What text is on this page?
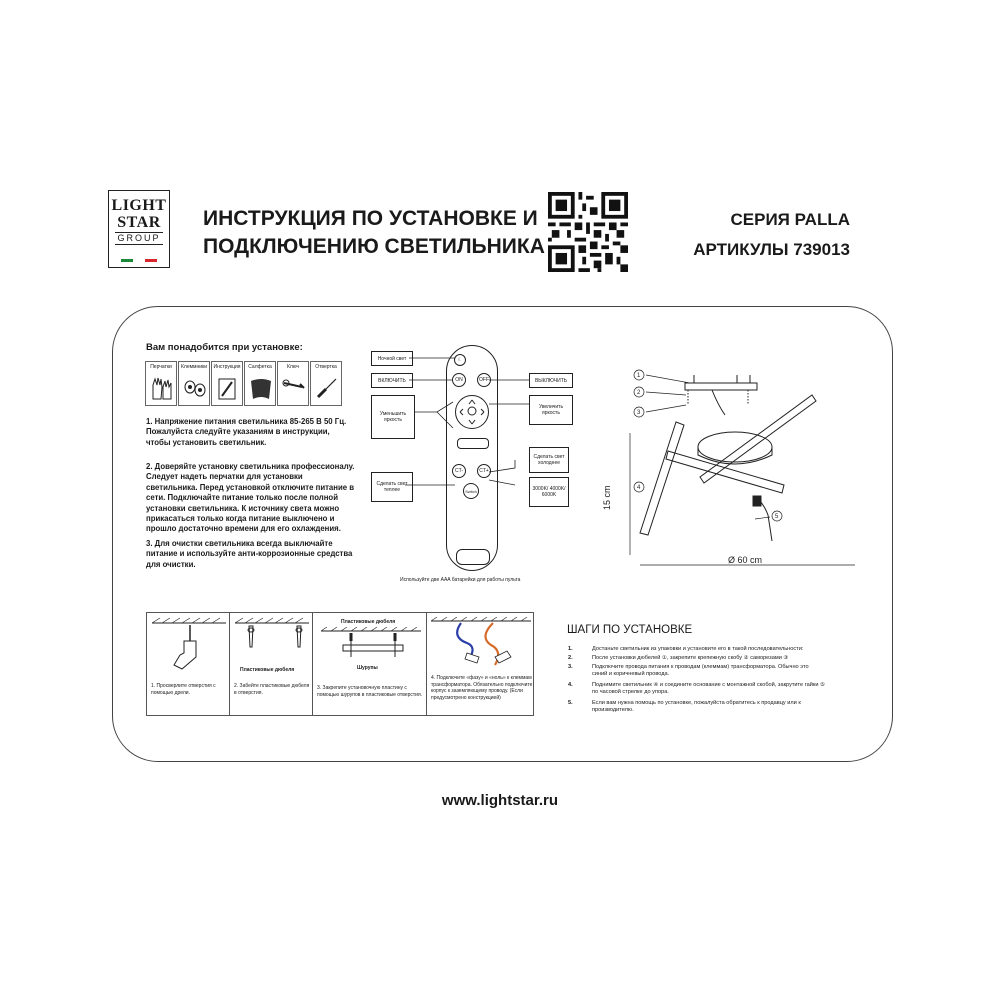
LIGHT
STAR
GROUP
ИНСТРУКЦИЯ ПО УСТАНОВКЕ И
ПОДКЛЮЧЕНИЮ СВЕТИЛЬНИКА
СЕРИЯ PALLA
АРТИКУЛЫ 739013
Вам понадобится при установке:
Перчатки	Клеммники	Инструкция	Салфетка	Ключ	Отвертка
1. Напряжение питания светильника 85-265 В 50 Гц. Пожалуйста следуйте указаниям в инструкции, чтобы установить светильник.
2. Доверяйте установку светильника профессионалу. Следует надеть перчатки для установки светильника. Перед установкой отключите питание в сети. Подключайте питание только после полной установки светильника. К источнику света можно прикасаться только когда питание выключено и прошло достаточно времени для его охлаждения.
3. Для очистки светильника всегда выключайте питание и используйте анти-коррозионные средства для очистки.
☾
ON	OFF
CT-	CT+
Switch
Ночной свет
ВКЛЮЧИТЬ
Уменьшить яркость
Сделать свет теплее
ВЫКЛЮЧИТЬ
Увеличить яркость
Сделать свет холоднее
3000K/ 4000K/ 6000K
Используйте две AAA батарейки для работы пульта
1
2
3
4
5
15 cm
Ø 60 cm
1. Просверлите отверстия с помощью дрели.
Пластиковые дюбеля
2. Забейте пластиковые дюбеля в отверстия.
Пластиковые дюбеля
Шурупы
3. Закрепите установочную пластину с помощью шурупов в пластиковые отверстия.
4. Подключите «фазу» и «ноль» к клеммам трансформатора. Обязательно подключите корпус к заземляющему проводу. (Если предусмотрено конструкцией)
ШАГИ ПО УСТАНОВКЕ
1.	Достаньте светильник из упаковки и установите его в такой последовательности:
2.	После установки дюбелей ①, закрепите крепежную скобу ② саморезами ③
3.	Подключите провода питания к проводам (клеммам) трансформатора. Обычно это синий и коричневый провода.
4.	Поднимите светильник ④ и соедините основание с монтажной скобой, закрутите гайки ⑤ по часовой стрелке до упора.
5.	Если вам нужна помощь по установке, пожалуйста обратитесь к продавцу или к производителю.
www.lightstar.ru
